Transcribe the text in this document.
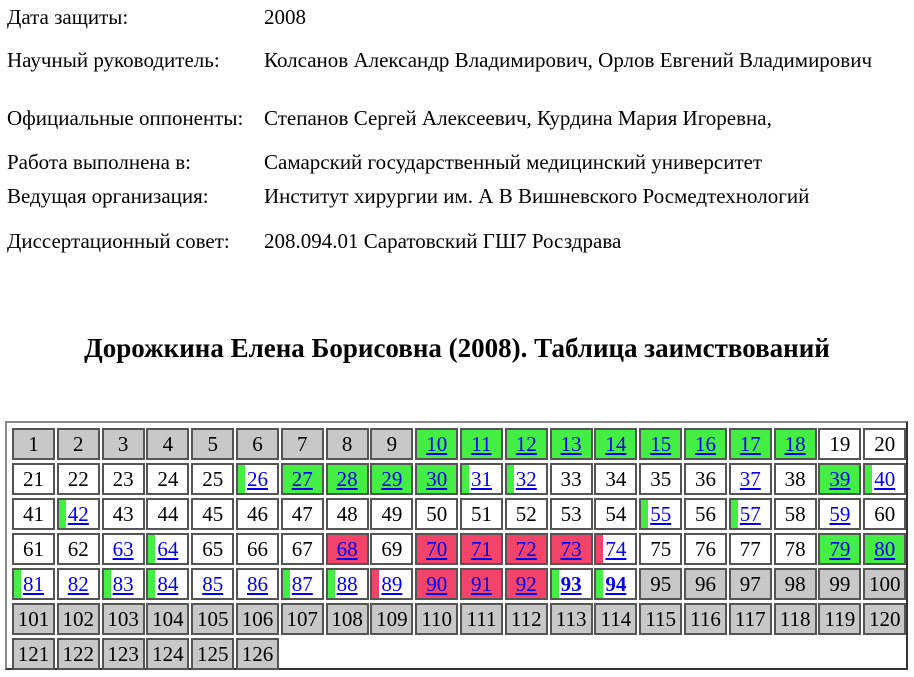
Дата защиты:	2008
Научный руководитель:	Колсанов Александр Владимирович, Орлов Евгений Владимирович
Официальные оппоненты:	Степанов Сергей Алексеевич, Курдина Мария Игоревна,
Работа выполнена в:	Самарский государственный медицинский университет
Ведущая организация:	Институт хирургии им. А В Вишневского Росмедтехнологий
Диссертационный совет:	208.094.01 Саратовский ГШ7 Росздрава
Дорожкина Елена Борисовна (2008). Таблица заимствований
1	2	3	4	5	6	7	8	9	10	11	12	13	14	15	16	17	18	19	20
21	22	23	24	25	26	27	28	29	30	31	32	33	34	35	36	37	38	39	40
41	42	43	44	45	46	47	48	49	50	51	52	53	54	55	56	57	58	59	60
61	62	63	64	65	66	67	68	69	70	71	72	73	74	75	76	77	78	79	80
81	82	83	84	85	86	87	88	89	90	91	92	93	94	95	96	97	98	99 100
101 102 103 104 105 106 107 108 109 110 111 112 113 114 115 116 117 118 119 120
121 122 123 124 125 126
